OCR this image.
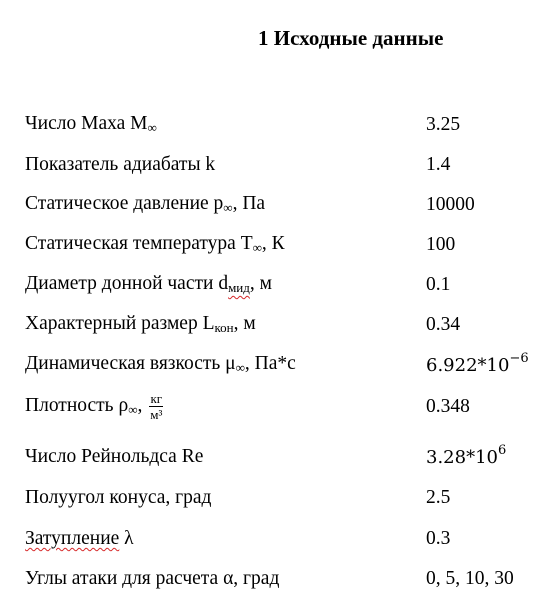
1 Исходные данные
Число Маха $M_\infty$	3.25
Показатель адиабаты k	1.4
Статическое давление $p_\infty$, Па	10000
Статическая температура $T_\infty$, К	100
Диаметр донной части $d_{мид}$, м	0.1
Характерный размер $L_{кон}$, м	0.34
Динамическая вязкость $\mu_\infty$, Па*с	$6.922*10^{-6}$
Плотность $\rho_\infty$, $\frac{кг}{\text{м³}}$	0.348
Число Рейнольдса Re	$3.28*10^6$
Полуугол конуса, град	2.5
Затупление λ	0.3
Углы атаки для расчета α, град	0, 5, 10, 30
